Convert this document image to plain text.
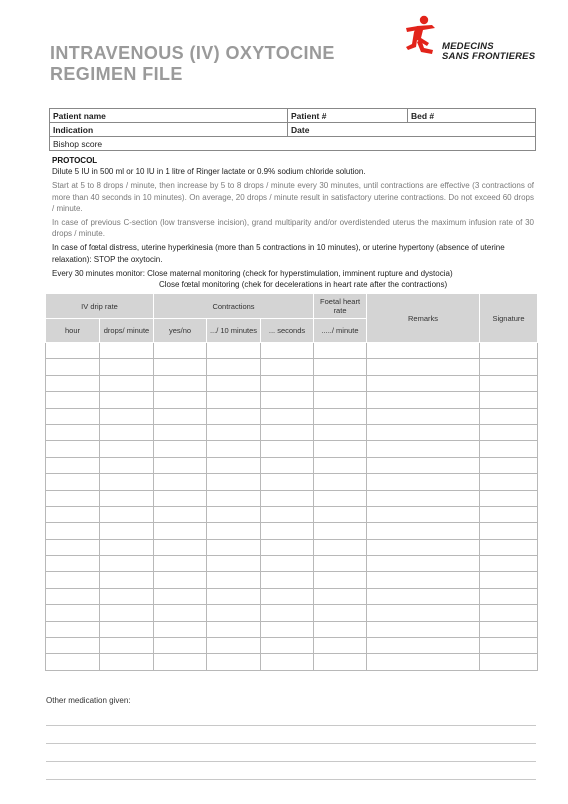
INTRAVENOUS (IV) OXYTOCINE
REGIMEN FILE
MEDECINS
SANS FRONTIERES
Patient name	Patient #	Bed #
Indication	Date	
Bishop score		

PROTOCOL

Dilute 5 IU in 500 ml or 10 IU in 1 litre of Ringer lactate or 0.9% sodium chloride solution.

Start at 5 to 8 drops / minute, then increase by 5 to 8 drops / minute every 30 minutes, until contractions are effective (3 contractions of more than 40 seconds in 10 minutes). On average, 20 drops / minute result in satisfactory uterine contractions. Do not exceed 60 drops / minute.

In case of previous C-section (low transverse incision), grand multiparity and/or overdistended uterus the maximum infusion rate of 30 drops / minute.

In case of fœtal distress, uterine hyperkinesia (more than 5 contractions in 10 minutes), or uterine hypertony (absence of uterine relaxation): STOP the oxytocin.

Every 30 minutes monitor: Close maternal monitoring (check for hyperstimulation, imminent rupture and dystocia)

Close fœtal monitoring (chek for decelerations in heart rate after the contractions)

IV drip rate		Contractions			Foetal heart rate	Remarks	Signature
hour	drops/ minute	yes/no	.../ 10 minutes	... seconds	...../ minute		

Other medication given:
